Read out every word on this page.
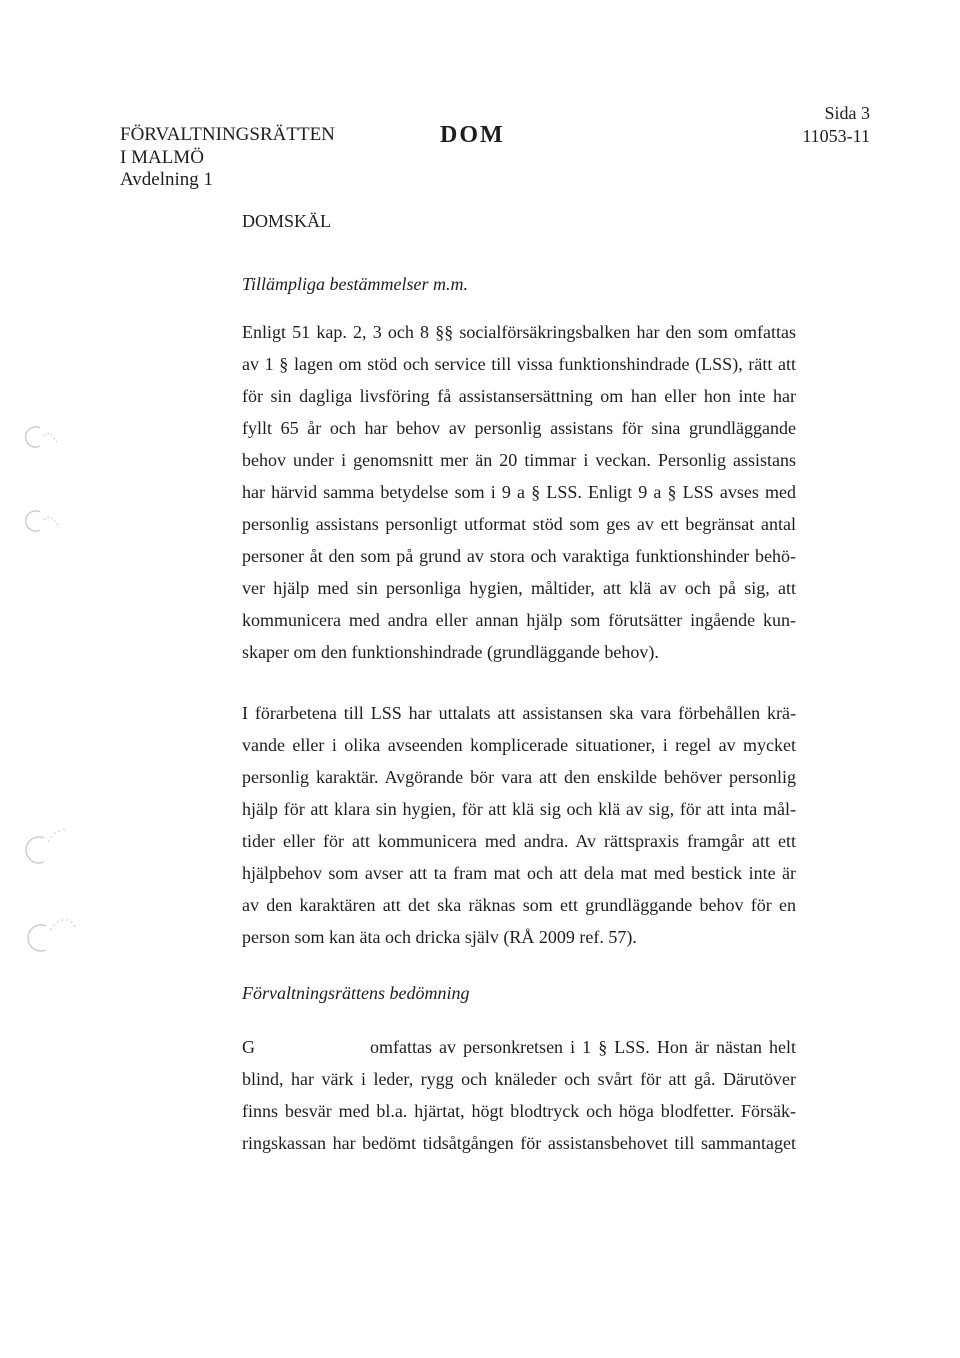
FÖRVALTNINGSRÄTTEN
I MALMÖ
Avdelning 1
DOM
Sida 3
11053-11
DOMSKÄL
Tillämpliga bestämmelser m.m.
Enligt 51 kap. 2, 3 och 8 §§ socialförsäkringsbalken har den som omfattas
av 1 § lagen om stöd och service till vissa funktionshindrade (LSS), rätt att
för sin dagliga livsföring få assistansersättning om han eller hon inte har
fyllt 65 år och har behov av personlig assistans för sina grundläggande
behov under i genomsnitt mer än 20 timmar i veckan. Personlig assistans
har härvid samma betydelse som i 9 a § LSS. Enligt 9 a § LSS avses med
personlig assistans personligt utformat stöd som ges av ett begränsat antal
personer åt den som på grund av stora och varaktiga funktionshinder behö-
ver hjälp med sin personliga hygien, måltider, att klä av och på sig, att
kommunicera med andra eller annan hjälp som förutsätter ingående kun-
skaper om den funktionshindrade (grundläggande behov).
I förarbetena till LSS har uttalats att assistansen ska vara förbehållen krä-
vande eller i olika avseenden komplicerade situationer, i regel av mycket
personlig karaktär. Avgörande bör vara att den enskilde behöver personlig
hjälp för att klara sin hygien, för att klä sig och klä av sig, för att inta mål-
tider eller för att kommunicera med andra. Av rättspraxis framgår att ett
hjälpbehov som avser att ta fram mat och att dela mat med bestick inte är
av den karaktären att det ska räknas som ett grundläggande behov för en
person som kan äta och dricka själv (RÅ 2009 ref. 57).
Förvaltningsrättens bedömning
G	omfattas av personkretsen i 1 § LSS. Hon är nästan helt
blind, har värk i leder, rygg och knäleder och svårt för att gå. Därutöver
finns besvär med bl.a. hjärtat, högt blodtryck och höga blodfetter. Försäk-
ringskassan har bedömt tidsåtgången för assistansbehovet till sammantaget
